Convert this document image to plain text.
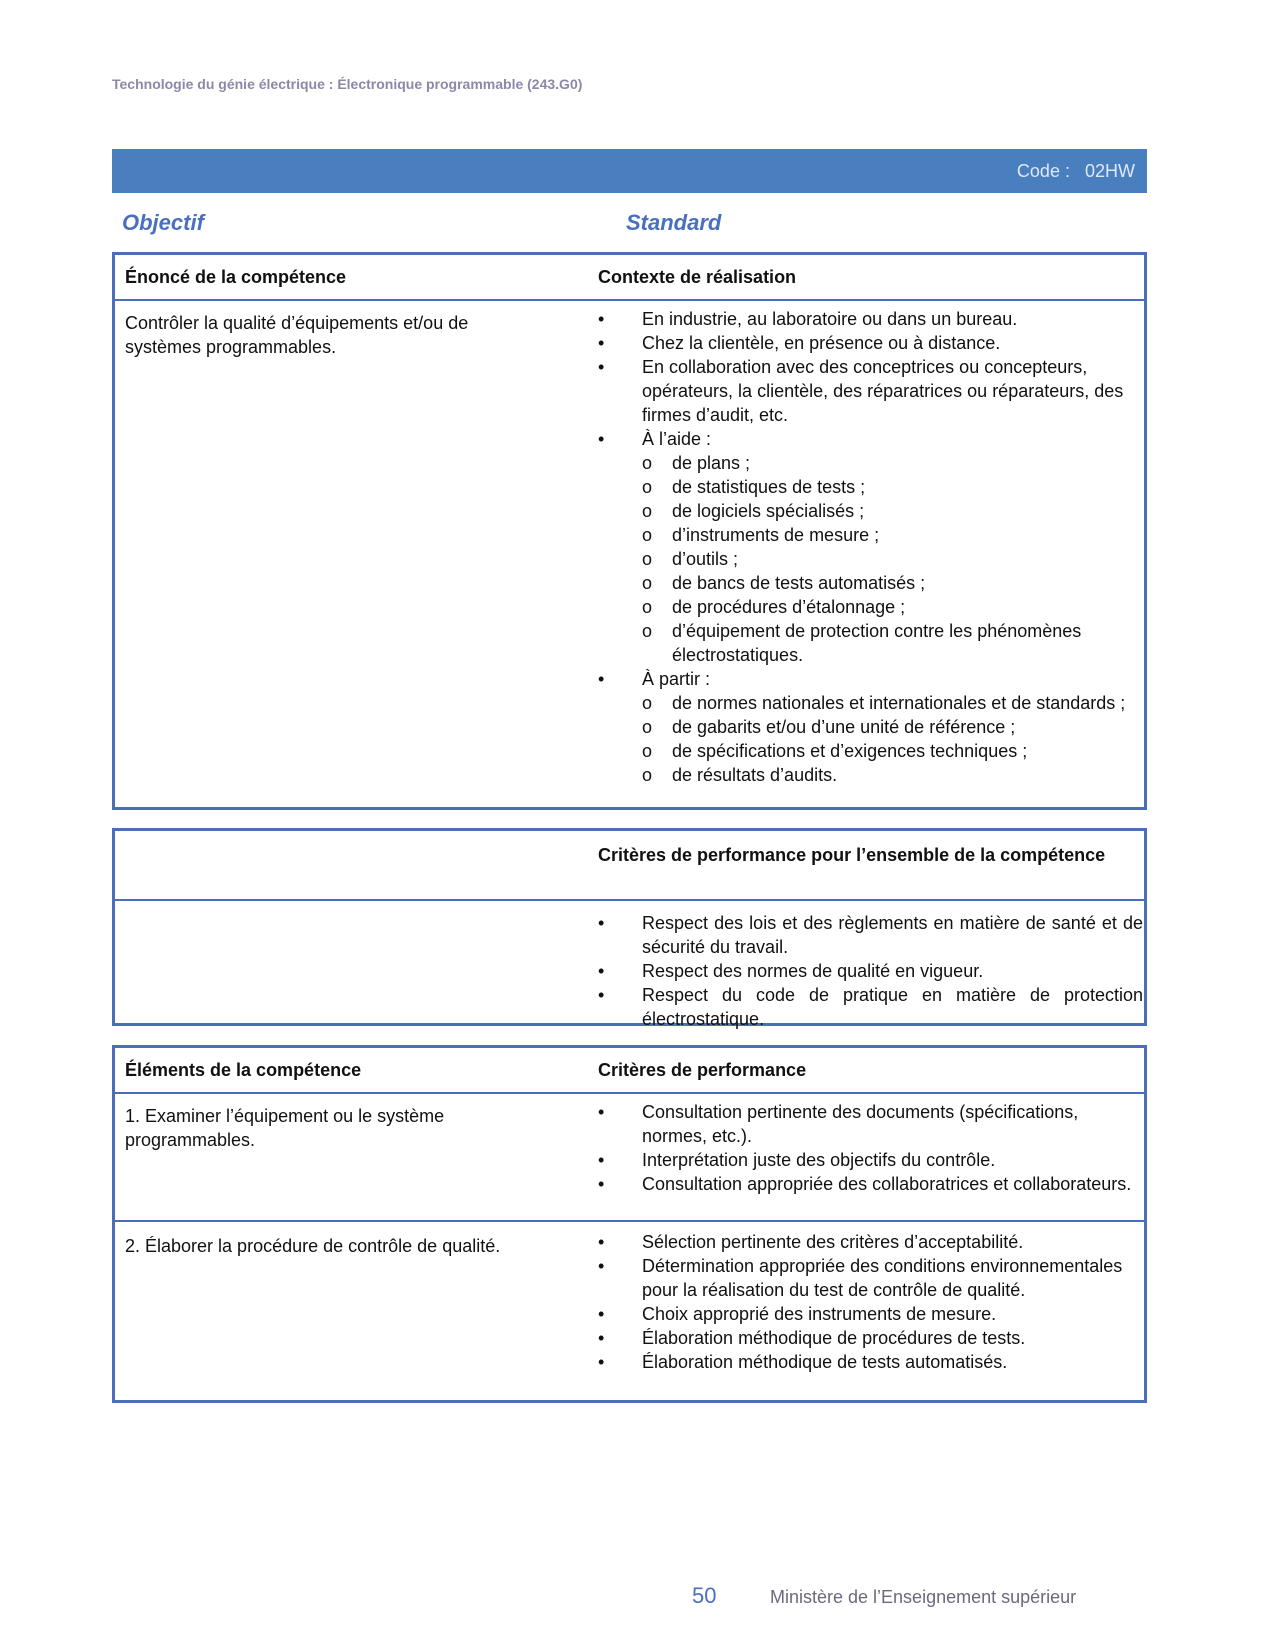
Technologie du génie électrique : Électronique programmable (243.G0)
Code : 02HW
Objectif	Standard
Énoncé de la compétence	Contexte de réalisation
Contrôler la qualité d’équipements et/ou de systèmes programmables.
• En industrie, au laboratoire ou dans un bureau.
• Chez la clientèle, en présence ou à distance.
• En collaboration avec des conceptrices ou concepteurs, opérateurs, la clientèle, des réparatrices ou réparateurs, des firmes d’audit, etc.
• À l’aide :
o de plans ;
o de statistiques de tests ;
o de logiciels spécialisés ;
o d’instruments de mesure ;
o d’outils ;
o de bancs de tests automatisés ;
o de procédures d’étalonnage ;
o d’équipement de protection contre les phénomènes électrostatiques.
• À partir :
o de normes nationales et internationales et de standards ;
o de gabarits et/ou d’une unité de référence ;
o de spécifications et d’exigences techniques ;
o de résultats d’audits.
Critères de performance pour l’ensemble de la compétence
• Respect des lois et des règlements en matière de santé et de sécurité du travail.
• Respect des normes de qualité en vigueur.
• Respect du code de pratique en matière de protection électrostatique.
Éléments de la compétence	Critères de performance
1. Examiner l’équipement ou le système programmables.
• Consultation pertinente des documents (spécifications, normes, etc.).
• Interprétation juste des objectifs du contrôle.
• Consultation appropriée des collaboratrices et collaborateurs.
2. Élaborer la procédure de contrôle de qualité.
•	Sélection pertinente des critères d’acceptabilité.
• Détermination appropriée des conditions environnementales pour la réalisation du test de contrôle de qualité.
• Choix approprié des instruments de mesure.
• Élaboration méthodique de procédures de tests.
• Élaboration méthodique de tests automatisés.
50	Ministère de l’Enseignement supérieur
